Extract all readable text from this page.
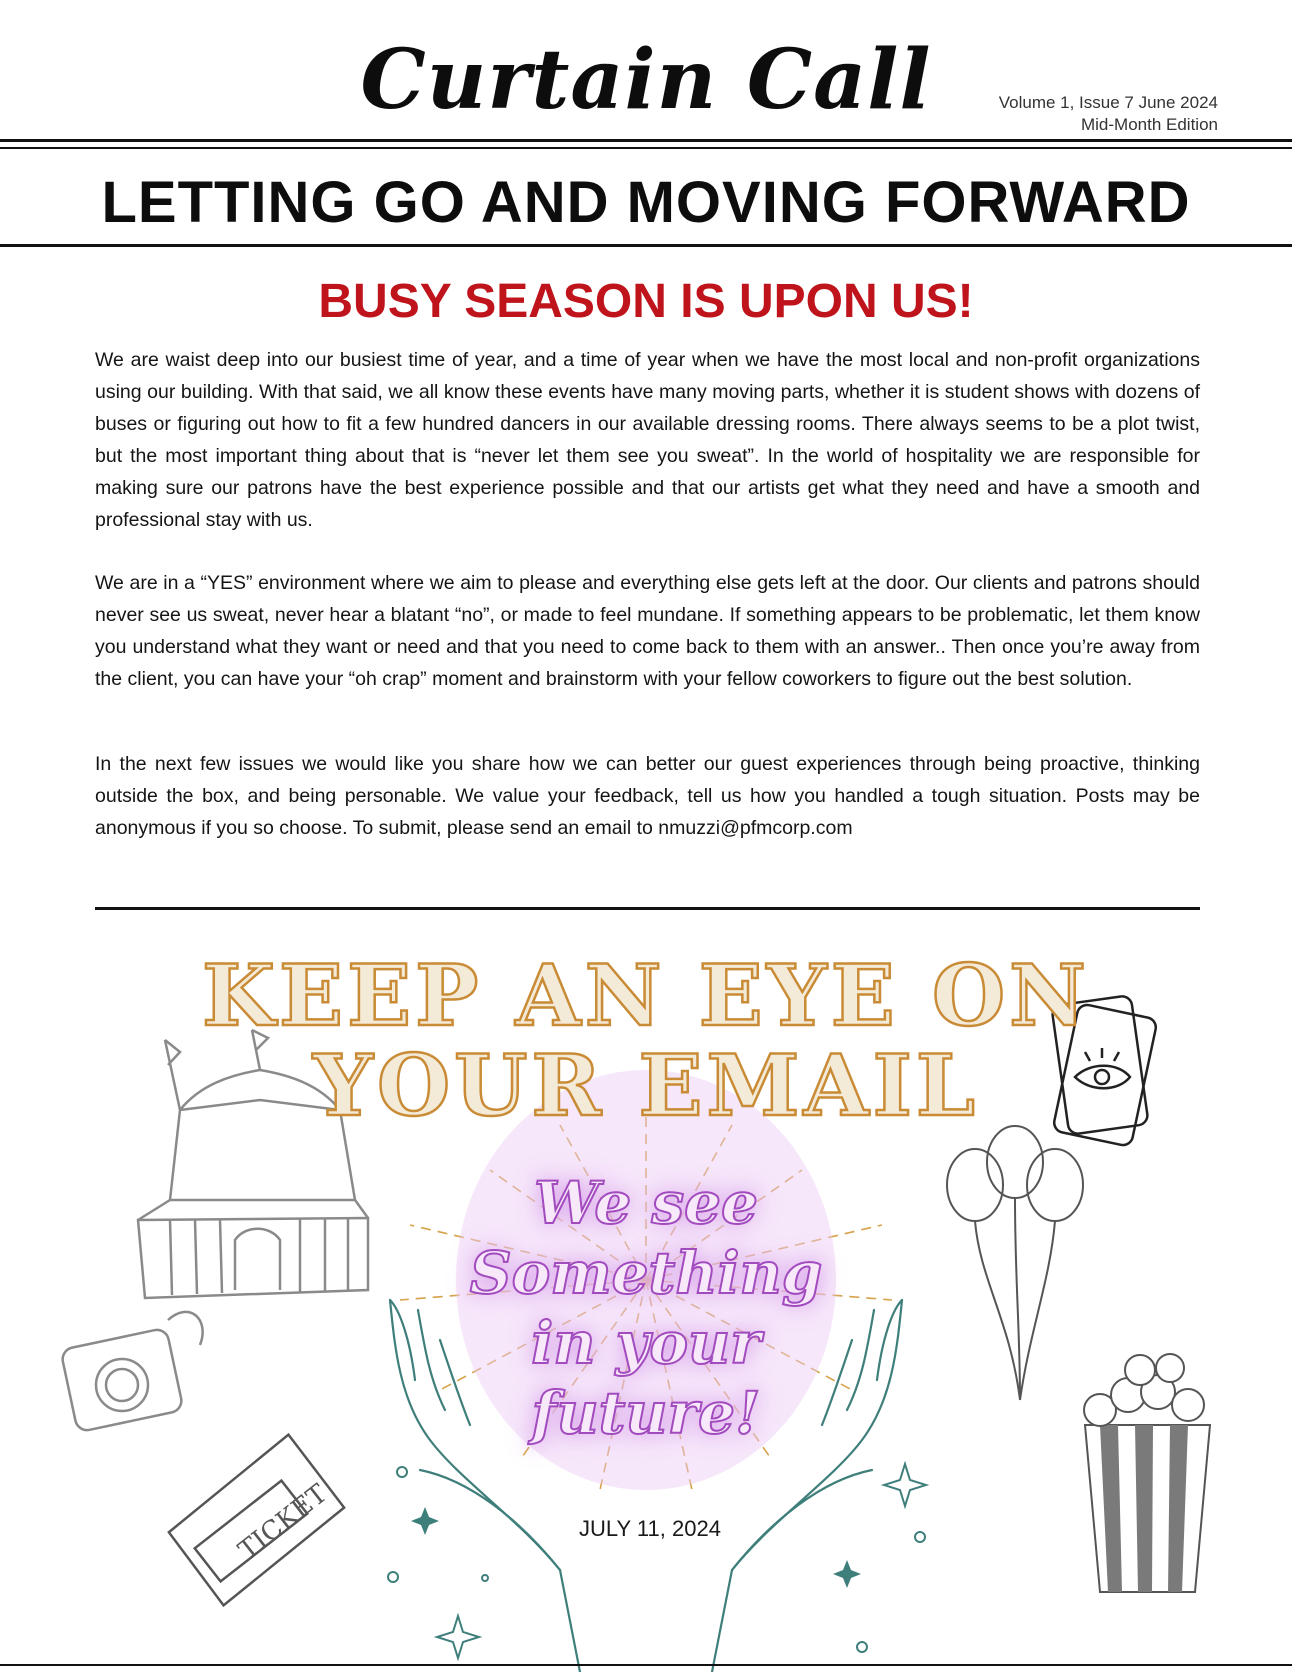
Curtain Call	Volume 1, Issue 7 June 2024
Mid-Month Edition
LETTING GO AND MOVING FORWARD
BUSY SEASON IS UPON US!

We are waist deep into our busiest time of year, and a time of year when we have the most local and non-profit organizations using our building. With that said, we all know these events have many moving parts, whether it is student shows with dozens of buses or figuring out how to fit a few hundred dancers in our available dressing rooms. There always seems to be a plot twist, but the most important thing about that is “never let them see you sweat”. In the world of hospitality we are responsible for making sure our patrons have the best experience possible and that our artists get what they need and have a smooth and professional stay with us.

We are in a “YES” environment where we aim to please and everything else gets left at the door. Our clients and patrons should never see us sweat, never hear a blatant “no”, or made to feel mundane. If something appears to be problematic, let them know you understand what they want or need and that you need to come back to them with an answer.. Then once you’re away from the client, you can have your “oh crap” moment and brainstorm with your fellow coworkers to figure out the best solution.

In the next few issues we would like you share how we can better our guest experiences through being proactive, thinking outside the box, and being personable. We value your feedback, tell us how you handled a tough situation. Posts may be anonymous if you so choose. To submit, please send an email to nmuzzi@pfmcorp.com

TICKET
KEEP AN EYE ON
YOUR EMAIL
We see
Something
in your
future!
JULY 11, 2024
